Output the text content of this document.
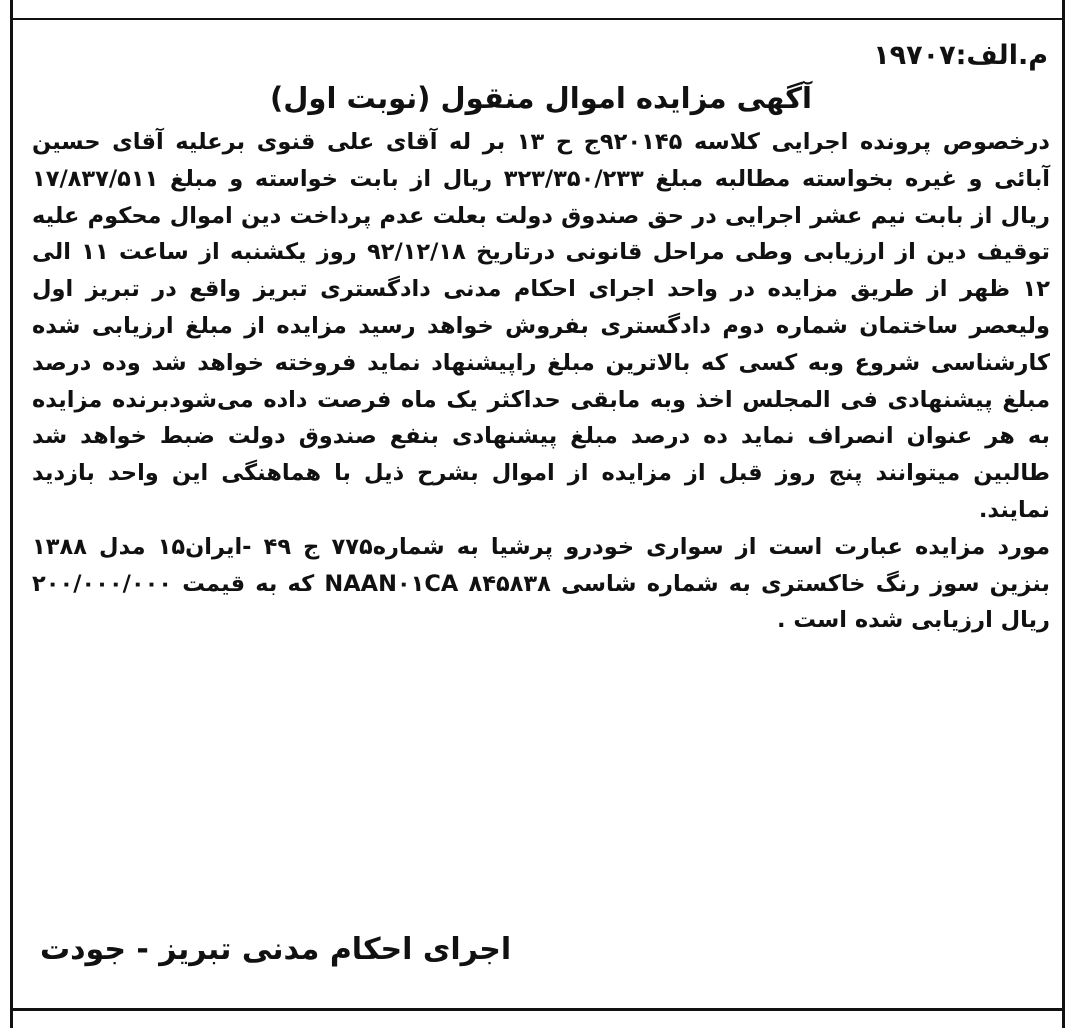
م.الف:۱۹۷۰۷

آگهی مزایده اموال منقول (نوبت اول)

درخصوص پرونده اجرایی کلاسه ۹۲۰۱۴۵ج ح ۱۳ بر له آقای علی قنوی برعلیه آقای حسین آبائی و غیره بخواسته مطالبه مبلغ ۳۲۳/۳۵۰/۲۳۳ ریال از بابت خواسته و مبلغ ۱۷/۸۳۷/۵۱۱ ریال از بابت نیم عشر اجرایی در حق صندوق دولت بعلت عدم پرداخت دین اموال محکوم علیه توقیف دین از ارزیابی وطی مراحل قانونی درتاریخ ۹۲/۱۲/۱۸ روز یکشنبه از ساعت ۱۱ الی ۱۲ ظهر از طریق مزایده در واحد اجرای احکام مدنی دادگستری تبریز واقع در تبریز اول ولیعصر ساختمان شماره دوم دادگستری بفروش خواهد رسید مزایده از مبلغ ارزیابی شده کارشناسی شروع وبه کسی که بالاترین مبلغ راپیشنهاد نماید فروخته خواهد شد وده درصد مبلغ پیشنهادی فی المجلس اخذ وبه مابقی حداکثر یک ماه فرصت داده می‌شودبرنده مزایده به هر عنوان انصراف نماید ده درصد مبلغ پیشنهادی بنفع صندوق دولت ضبط خواهد شد طالبین میتوانند پنج روز قبل از مزایده از اموال بشرح ذیل با هماهنگی این واحد بازدید نمایند.

مورد مزایده عبارت است از سواری خودرو پرشیا به شماره۷۷۵ ج ۴۹ -ایران۱۵ مدل ۱۳۸۸ بنزین سوز رنگ خاکستری به شماره شاسی NAAN۰۱CA ۸۴۵۸۳۸ که به قیمت ۲۰۰/۰۰۰/۰۰۰ ریال ارزیابی شده است .

اجرای احکام مدنی تبریز - جودت
